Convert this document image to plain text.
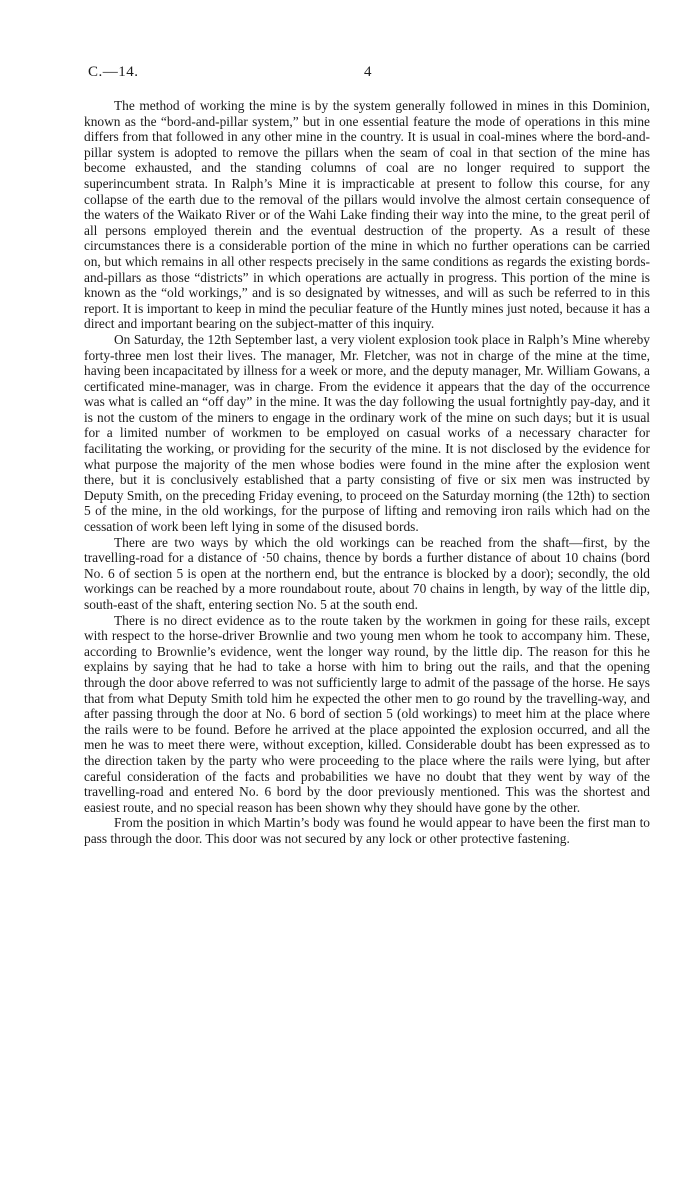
C.—14.	4

The method of working the mine is by the system generally followed in mines in this Dominion, known as the “bord-and-pillar system,” but in one essential feature the mode of operations in this mine differs from that followed in any other mine in the country. It is usual in coal-mines where the bord-and-pillar system is adopted to remove the pillars when the seam of coal in that section of the mine has become exhausted, and the standing columns of coal are no longer required to support the superincumbent strata. In Ralph’s Mine it is impracticable at present to follow this course, for any collapse of the earth due to the removal of the pillars would involve the almost certain consequence of the waters of the Waikato River or of the Wahi Lake finding their way into the mine, to the great peril of all persons employed therein and the eventual destruction of the property. As a result of these circumstances there is a considerable portion of the mine in which no further operations can be carried on, but which remains in all other respects precisely in the same conditions as regards the existing bords-and-pillars as those “districts” in which operations are actually in progress. This portion of the mine is known as the “old workings,” and is so designated by witnesses, and will as such be referred to in this report. It is important to keep in mind the peculiar feature of the Huntly mines just noted, because it has a direct and important bearing on the subject-matter of this inquiry.

On Saturday, the 12th September last, a very violent explosion took place in Ralph’s Mine whereby forty-three men lost their lives. The manager, Mr. Fletcher, was not in charge of the mine at the time, having been incapacitated by illness for a week or more, and the deputy manager, Mr. William Gowans, a certificated mine-manager, was in charge. From the evidence it appears that the day of the occurrence was what is called an “off day” in the mine. It was the day following the usual fortnightly pay-day, and it is not the custom of the miners to engage in the ordinary work of the mine on such days; but it is usual for a limited number of workmen to be employed on casual works of a necessary character for facilitating the working, or providing for the security of the mine. It is not disclosed by the evidence for what purpose the majority of the men whose bodies were found in the mine after the explosion went there, but it is conclusively established that a party consisting of five or six men was instructed by Deputy Smith, on the preceding Friday evening, to proceed on the Saturday morning (the 12th) to section 5 of the mine, in the old workings, for the purpose of lifting and removing iron rails which had on the cessation of work been left lying in some of the disused bords.

There are two ways by which the old workings can be reached from the shaft—first, by the travelling-road for a distance of ·50 chains, thence by bords a further distance of about 10 chains (bord No. 6 of section 5 is open at the northern end, but the entrance is blocked by a door); secondly, the old workings can be reached by a more roundabout route, about 70 chains in length, by way of the little dip, south-east of the shaft, entering section No. 5 at the south end.

There is no direct evidence as to the route taken by the workmen in going for these rails, except with respect to the horse-driver Brownlie and two young men whom he took to accompany him. These, according to Brownlie’s evidence, went the longer way round, by the little dip. The reason for this he explains by saying that he had to take a horse with him to bring out the rails, and that the opening through the door above referred to was not sufficiently large to admit of the passage of the horse. He says that from what Deputy Smith told him he expected the other men to go round by the travelling-way, and after passing through the door at No. 6 bord of section 5 (old workings) to meet him at the place where the rails were to be found. Before he arrived at the place appointed the explosion occurred, and all the men he was to meet there were, without exception, killed. Considerable doubt has been expressed as to the direction taken by the party who were proceeding to the place where the rails were lying, but after careful consideration of the facts and probabilities we have no doubt that they went by way of the travelling-road and entered No. 6 bord by the door previously mentioned. This was the shortest and easiest route, and no special reason has been shown why they should have gone by the other.

From the position in which Martin’s body was found he would appear to have been the first man to pass through the door. This door was not secured by any lock or other protective fastening.
